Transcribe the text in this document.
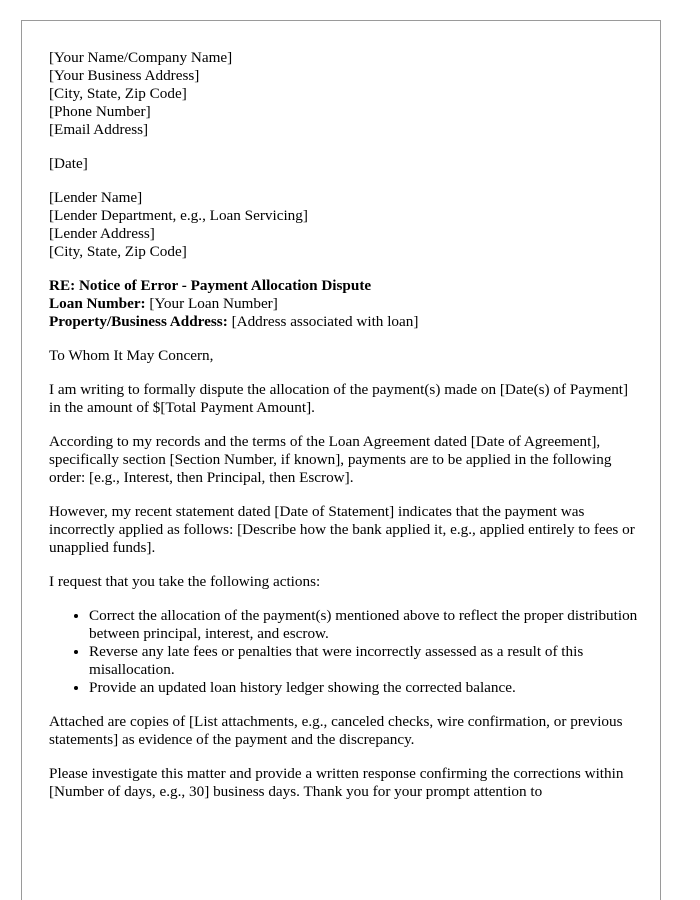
[Your Name/Company Name]
[Your Business Address]
[City, State, Zip Code]
[Phone Number]
[Email Address]
[Date]
[Lender Name]
[Lender Department, e.g., Loan Servicing]
[Lender Address]
[City, State, Zip Code]
RE: Notice of Error - Payment Allocation Dispute
Loan Number: [Your Loan Number]
Property/Business Address: [Address associated with loan]

To Whom It May Concern,

I am writing to formally dispute the allocation of the payment(s) made on [Date(s) of Payment] in the amount of $[Total Payment Amount].

According to my records and the terms of the Loan Agreement dated [Date of Agreement], specifically section [Section Number, if known], payments are to be applied in the following order: [e.g., Interest, then Principal, then Escrow].

However, my recent statement dated [Date of Statement] indicates that the payment was incorrectly applied as follows: [Describe how the bank applied it, e.g., applied entirely to fees or unapplied funds].

I request that you take the following actions:

• Correct the allocation of the payment(s) mentioned above to reflect the proper distribution between principal, interest, and escrow.
• Reverse any late fees or penalties that were incorrectly assessed as a result of this misallocation.
• Provide an updated loan history ledger showing the corrected balance.

Attached are copies of [List attachments, e.g., canceled checks, wire confirmation, or previous statements] as evidence of the payment and the discrepancy.

Please investigate this matter and provide a written response confirming the corrections within [Number of days, e.g., 30] business days. Thank you for your prompt attention to
